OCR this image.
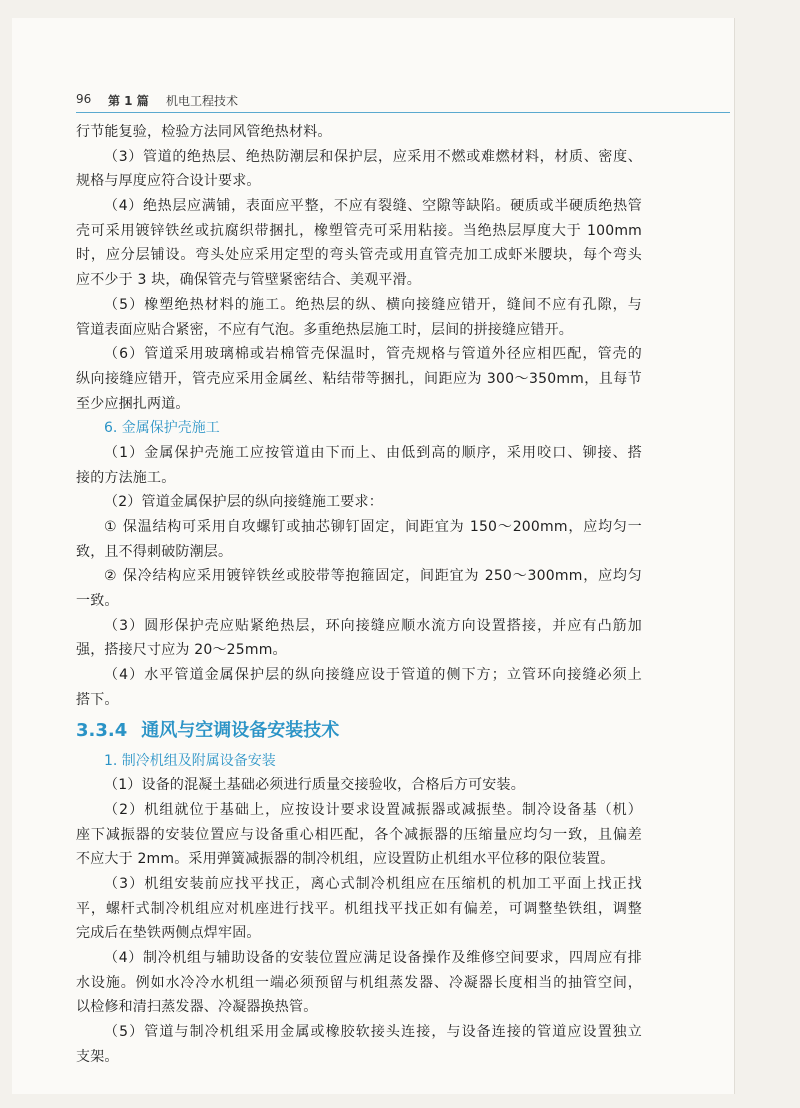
96 第 1 篇 机电工程技术
行节能复验，检验方法同风管绝热材料。
（3）管道的绝热层、绝热防潮层和保护层，应采用不燃或难燃材料，材质、密度、
规格与厚度应符合设计要求。
（4）绝热层应满铺，表面应平整，不应有裂缝、空隙等缺陷。硬质或半硬质绝热管
壳可采用镀锌铁丝或抗腐织带捆扎，橡塑管壳可采用粘接。当绝热层厚度大于 100mm
时，应分层铺设。弯头处应采用定型的弯头管壳或用直管壳加工成虾米腰块，每个弯头
应不少于 3 块，确保管壳与管壁紧密结合、美观平滑。
（5）橡塑绝热材料的施工。绝热层的纵、横向接缝应错开，缝间不应有孔隙，与
管道表面应贴合紧密，不应有气泡。多重绝热层施工时，层间的拼接缝应错开。
（6）管道采用玻璃棉或岩棉管壳保温时，管壳规格与管道外径应相匹配，管壳的
纵向接缝应错开，管壳应采用金属丝、粘结带等捆扎，间距应为 300～350mm，且每节
至少应捆扎两道。
6. 金属保护壳施工
（1）金属保护壳施工应按管道由下而上、由低到高的顺序，采用咬口、铆接、搭
接的方法施工。
（2）管道金属保护层的纵向接缝施工要求：
① 保温结构可采用自攻螺钉或抽芯铆钉固定，间距宜为 150～200mm，应均匀一
致，且不得刺破防潮层。
② 保冷结构应采用镀锌铁丝或胶带等抱箍固定，间距宜为 250～300mm，应均匀
一致。
（3）圆形保护壳应贴紧绝热层，环向接缝应顺水流方向设置搭接，并应有凸筋加
强，搭接尺寸应为 20～25mm。
（4）水平管道金属保护层的纵向接缝应设于管道的侧下方；立管环向接缝必须上
搭下。
3.3.4 通风与空调设备安装技术
1. 制冷机组及附属设备安装
（1）设备的混凝土基础必须进行质量交接验收，合格后方可安装。
（2）机组就位于基础上，应按设计要求设置减振器或减振垫。制冷设备基（机）
座下减振器的安装位置应与设备重心相匹配，各个减振器的压缩量应均匀一致，且偏差
不应大于 2mm。采用弹簧减振器的制冷机组，应设置防止机组水平位移的限位装置。
（3）机组安装前应找平找正，离心式制冷机组应在压缩机的机加工平面上找正找
平，螺杆式制冷机组应对机座进行找平。机组找平找正如有偏差，可调整垫铁组，调整
完成后在垫铁两侧点焊牢固。
（4）制冷机组与辅助设备的安装位置应满足设备操作及维修空间要求，四周应有排
水设施。例如水冷冷水机组一端必须预留与机组蒸发器、冷凝器长度相当的抽管空间，
以检修和清扫蒸发器、冷凝器换热管。
（5）管道与制冷机组采用金属或橡胶软接头连接，与设备连接的管道应设置独立
支架。
